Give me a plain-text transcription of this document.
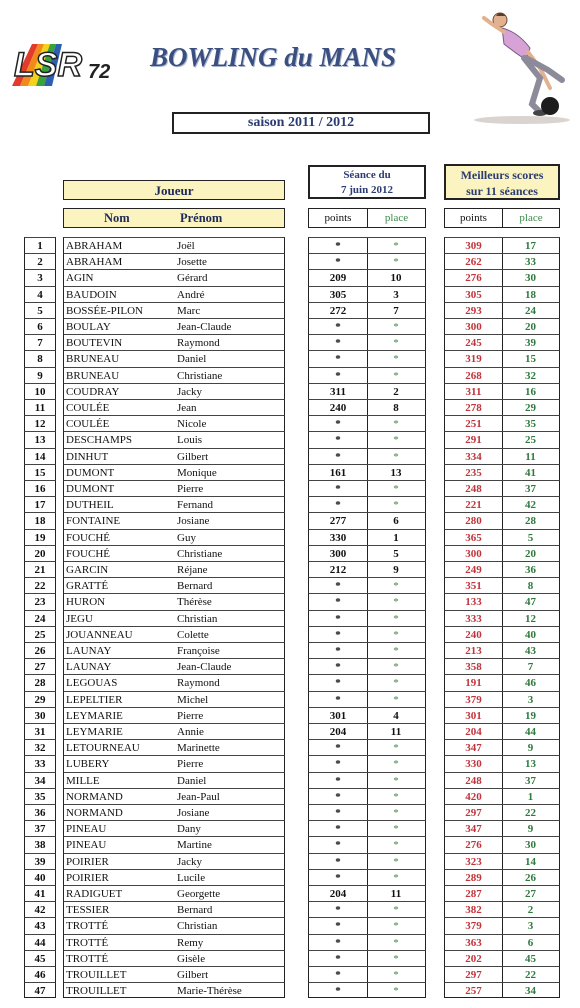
LSR 72 BOWLING du MANS
saison 2011 / 2012
Séance du
7 juin 2012
Meilleurs scores
sur 11 séances
Joueur
Nom	Prénom	points	place	points	place
1	ABRAHAM	Joël	*	*	309	17
2	ABRAHAM	Josette	*	*	262	33
3	AGIN	Gérard	209	10	276	30
4	BAUDOIN	André	305	3	305	18
5	BOSSÉE-PILON	Marc	272	7	293	24
6	BOULAY	Jean-Claude	*	*	300	20
7	BOUTEVIN	Raymond	*	*	245	39
8	BRUNEAU	Daniel	*	*	319	15
9	BRUNEAU	Christiane	*	*	268	32
10	COUDRAY	Jacky	311	2	311	16
11	COULÉE	Jean	240	8	278	29
12	COULÉE	Nicole	*	*	251	35
13	DESCHAMPS	Louis	*	*	291	25
14	DINHUT	Gilbert	*	*	334	11
15	DUMONT	Monique	161	13	235	41
16	DUMONT	Pierre	*	*	248	37
17	DUTHEIL	Fernand	*	*	221	42
18	FONTAINE	Josiane	277	6	280	28
19	FOUCHÉ	Guy	330	1	365	5
20	FOUCHÉ	Christiane	300	5	300	20
21	GARCIN	Réjane	212	9	249	36
22	GRATTÉ	Bernard	*	*	351	8
23	HURON	Thérèse	*	*	133	47
24	JEGU	Christian	*	*	333	12
25	JOUANNEAU	Colette	*	*	240	40
26	LAUNAY	Françoise	*	*	213	43
27	LAUNAY	Jean-Claude	*	*	358	7
28	LEGOUAS	Raymond	*	*	191	46
29	LEPELTIER	Michel	*	*	379	3
30	LEYMARIE	Pierre	301	4	301	19
31	LEYMARIE	Annie	204	11	204	44
32	LETOURNEAU	Marinette	*	*	347	9
33	LUBERY	Pierre	*	*	330	13
34	MILLE	Daniel	*	*	248	37
35	NORMAND	Jean-Paul	*	*	420	1
36	NORMAND	Josiane	*	*	297	22
37	PINEAU	Dany	*	*	347	9
38	PINEAU	Martine	*	*	276	30
39	POIRIER	Jacky	*	*	323	14
40	POIRIER	Lucile	*	*	289	26
41	RADIGUET	Georgette	204	11	287	27
42	TESSIER	Bernard	*	*	382	2
43	TROTTÉ	Christian	*	*	379	3
44	TROTTÉ	Remy	*	*	363	6
45	TROTTÉ	Gisèle	*	*	202	45
46	TROUILLET	Gilbert	*	*	297	22
47	TROUILLET	Marie-Thérèse	*	*	257	34
